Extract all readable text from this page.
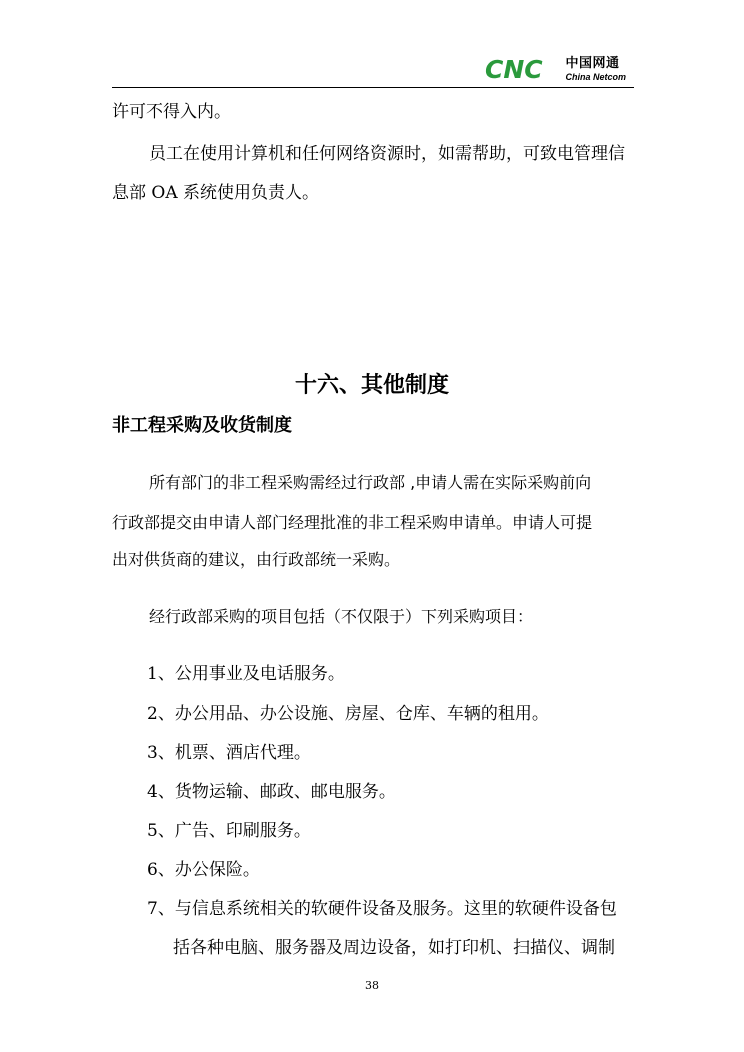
CNC 中国网通
China Netcom
许可不得入内。
员工在使用计算机和任何网络资源时，如需帮助，可致电管理信
息部 OA 系统使用负责人。
十六、其他制度
非工程采购及收货制度
所有部门的非工程采购需经过行政部 ,申请人需在实际采购前向
行政部提交由申请人部门经理批准的非工程采购申请单。申请人可提
出对供货商的建议，由行政部统一采购。
经行政部采购的项目包括（不仅限于）下列采购项目：
1、公用事业及电话服务。
2、办公用品、办公设施、房屋、仓库、车辆的租用。
3、机票、酒店代理。
4、货物运输、邮政、邮电服务。
5、广告、印刷服务。
6、办公保险。
7、与信息系统相关的软硬件设备及服务。这里的软硬件设备包
括各种电脑、服务器及周边设备，如打印机、扫描仪、调制
38
